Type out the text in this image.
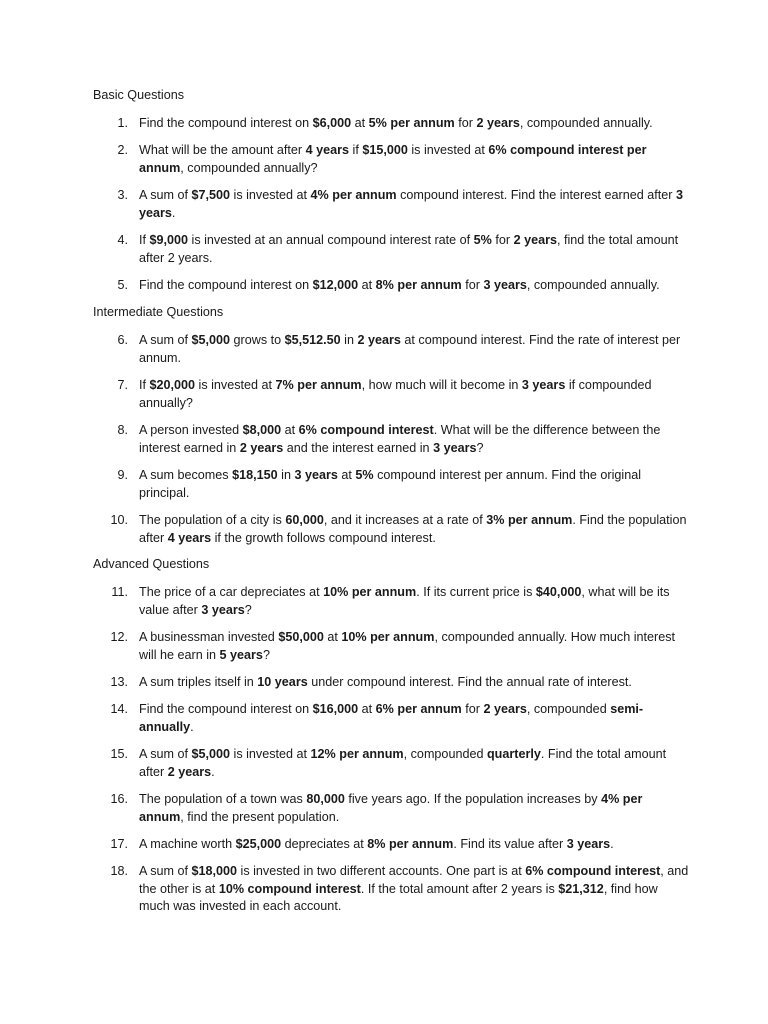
Basic Questions
Intermediate Questions
Advanced Questions
1. Find the compound interest on $6,000 at 5% per annum for 2 years, compounded annually.
2. What will be the amount after 4 years if $15,000 is invested at 6% compound interest per annum, compounded annually?
3. A sum of $7,500 is invested at 4% per annum compound interest. Find the interest earned after 3 years.
4. If $9,000 is invested at an annual compound interest rate of 5% for 2 years, find the total amount after 2 years.
5. Find the compound interest on $12,000 at 8% per annum for 3 years, compounded annually.
6. A sum of $5,000 grows to $5,512.50 in 2 years at compound interest. Find the rate of interest per annum.
7. If $20,000 is invested at 7% per annum, how much will it become in 3 years if compounded annually?
8. A person invested $8,000 at 6% compound interest. What will be the difference between the interest earned in 2 years and the interest earned in 3 years?
9. A sum becomes $18,150 in 3 years at 5% compound interest per annum. Find the original principal.
10. The population of a city is 60,000, and it increases at a rate of 3% per annum. Find the population after 4 years if the growth follows compound interest.
11. The price of a car depreciates at 10% per annum. If its current price is $40,000, what will be its value after 3 years?
12. A businessman invested $50,000 at 10% per annum, compounded annually. How much interest will he earn in 5 years?
13. A sum triples itself in 10 years under compound interest. Find the annual rate of interest.
14. Find the compound interest on $16,000 at 6% per annum for 2 years, compounded semi-annually.
15. A sum of $5,000 is invested at 12% per annum, compounded quarterly. Find the total amount after 2 years.
16. The population of a town was 80,000 five years ago. If the population increases by 4% per annum, find the present population.
17. A machine worth $25,000 depreciates at 8% per annum. Find its value after 3 years.
18. A sum of $18,000 is invested in two different accounts. One part is at 6% compound interest, and the other is at 10% compound interest. If the total amount after 2 years is $21,312, find how much was invested in each account.
